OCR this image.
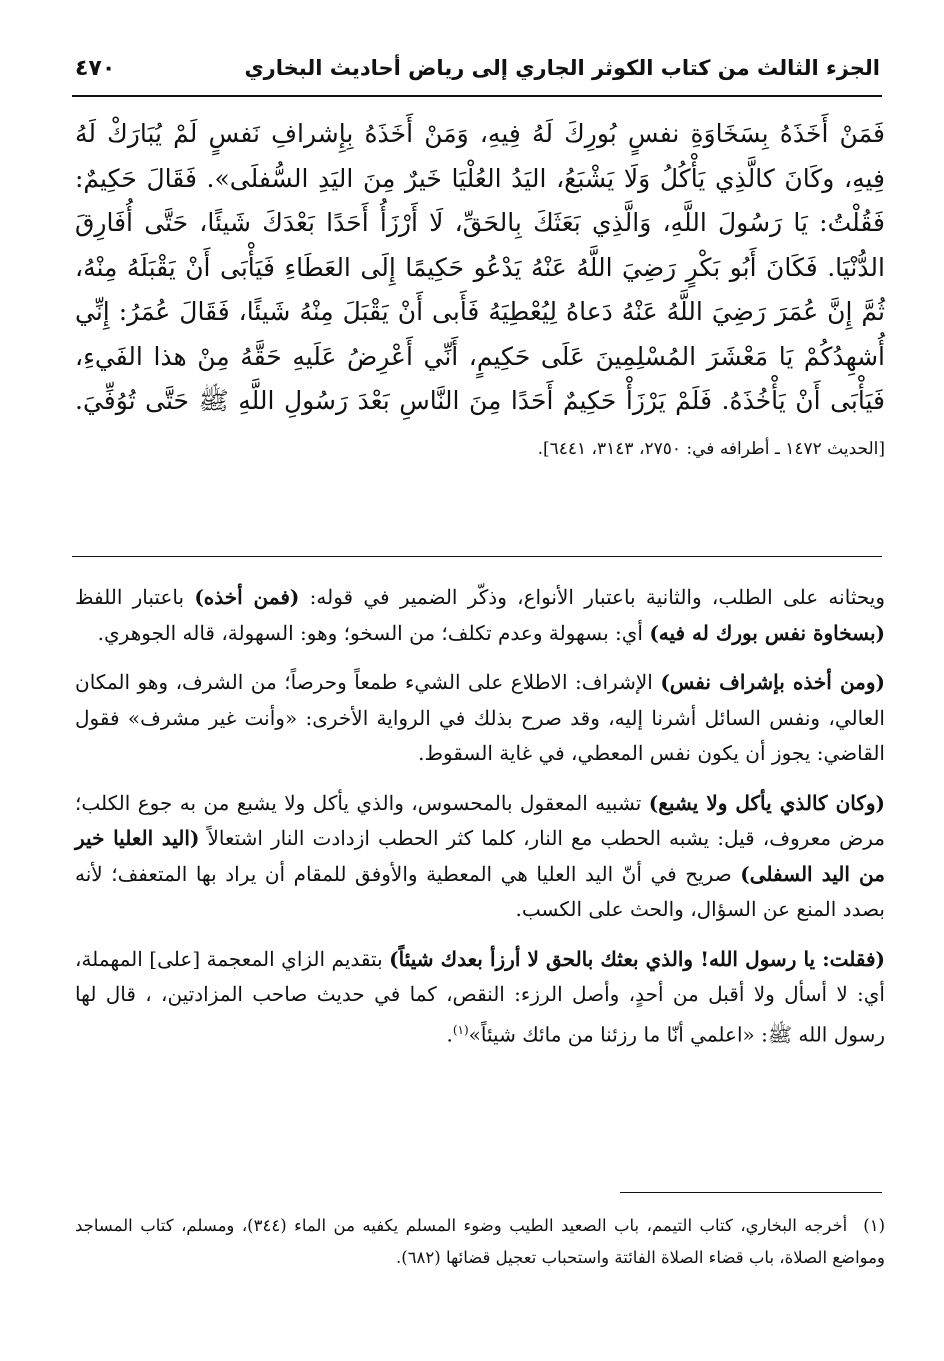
الجزء الثالث من كتاب الكوثر الجاري إلى رياض أحاديث البخاري
٤٧٠
فَمَنْ أَخَذَهُ بِسَخَاوَةِ نفسٍ بُورِكَ لَهُ فِيهِ، وَمَنْ أَخَذَهُ بِإِشرافِ نَفسٍ لَمْ يُبَارَكْ لَهُ فِيهِ، وكَانَ كالَّذِي يَأْكُلُ وَلَا يَشْبَعُ، اليَدُ العُلْيَا خَيرٌ مِنَ اليَدِ السُّفلَى». فَقَالَ حَكِيمٌ: فَقُلْتُ: يَا رَسُولَ اللَّهِ، وَالَّذِي بَعَثَكَ بِالحَقِّ، لَا أَرْزَأُ أَحَدًا بَعْدَكَ شَيئًا، حَتَّى أُفَارِقَ الدُّنْيَا. فَكَانَ أَبُو بَكْرٍ رَضِيَ اللَّهُ عَنْهُ يَدْعُو حَكِيمًا إِلَى العَطَاءِ فَيَأْبَى أَنْ يَقْبَلَهُ مِنْهُ، ثُمَّ إِنَّ عُمَرَ رَضِيَ اللَّهُ عَنْهُ دَعاهُ لِيُعْطِيَهُ فَأَبى أَنْ يَقْبَلَ مِنْهُ شَيئًا، فَقَالَ عُمَرُ: إِنِّي أُشهِدُكُمْ يَا مَعْشَرَ المُسْلِمِينَ عَلَى حَكِيمٍ، أَنِّي أَعْرِضُ عَلَيهِ حَقَّهُ مِنْ هذا الفَيءِ، فَيَأْبَى أَنْ يَأْخُذَهُ. فَلَمْ يَرْزَأْ حَكِيمٌ أَحَدًا مِنَ النَّاسِ بَعْدَ رَسُولِ اللَّهِ ﷺ حَتَّى تُوُفِّيَ. [الحديث ١٤٧٢ ـ أطرافه في: ٢٧٥٠، ٣١٤٣، ٦٤٤١].

ويحثانه على الطلب، والثانية باعتبار الأنواع، وذكّر الضمير في قوله: (فمن أخذه) باعتبار اللفظ (بسخاوة نفس بورك له فيه) أي: بسهولة وعدم تكلف؛ من السخو؛ وهو: السهولة، قاله الجوهري.

(ومن أخذه بإشراف نفس) الإشراف: الاطلاع على الشيء طمعاً وحرصاً؛ من الشرف، وهو المكان العالي، ونفس السائل أشرنا إليه، وقد صرح بذلك في الرواية الأخرى: «وأنت غير مشرف» فقول القاضي: يجوز أن يكون نفس المعطي، في غاية السقوط.

(وكان كالذي يأكل ولا يشبع) تشبيه المعقول بالمحسوس، والذي يأكل ولا يشبع من به جوع الكلب؛ مرض معروف، قيل: يشبه الحطب مع النار، كلما كثر الحطب ازدادت النار اشتعالاً (اليد العليا خير من اليد السفلى) صريح في أنّ اليد العليا هي المعطية والأوفق للمقام أن يراد بها المتعفف؛ لأنه بصدد المنع عن السؤال، والحث على الكسب.

(فقلت: يا رسول الله! والذي بعثك بالحق لا أرزأ بعدك شيئاً) بتقديم الزاي المعجمة [على] المهملة، أي: لا أسأل ولا أقبل من أحدٍ، وأصل الرزء: النقص، كما في حديث صاحب المزادتين، ، قال لها رسول الله ﷺ: «اعلمي أنّا ما رزئنا من مائك شيئاً»$^{(١)}$.

(١)أخرجه البخاري، كتاب التيمم، باب الصعيد الطيب وضوء المسلم يكفيه من الماء (٣٤٤)، ومسلم، كتاب المساجد ومواضع الصلاة، باب قضاء الصلاة الفائتة واستحباب تعجيل قضائها (٦٨٢).
